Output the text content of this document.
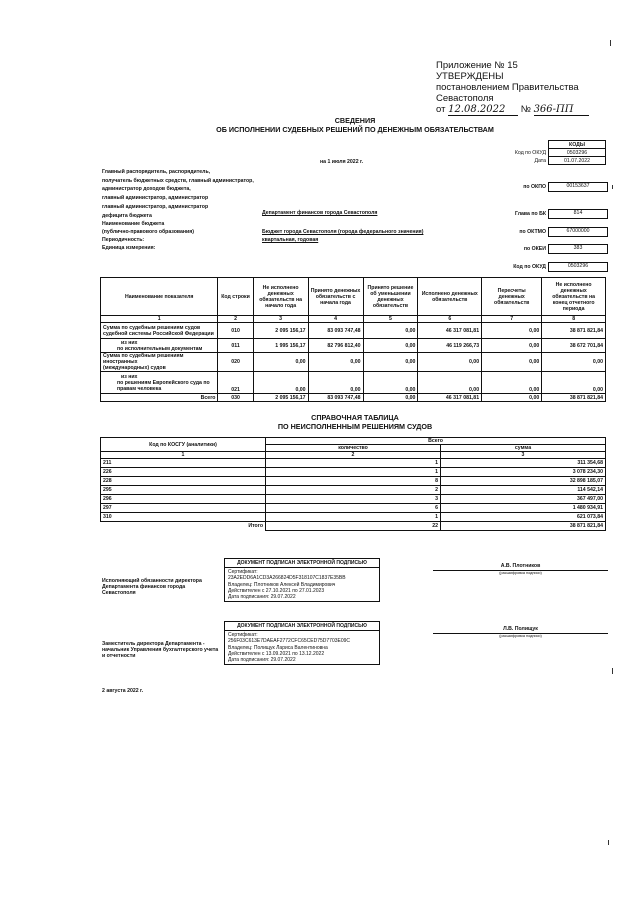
Приложение № 15
УТВЕРЖДЕНЫ
постановлением Правительства
Севастополя
от 12.08.2022 № 366-ПП
СВЕДЕНИЯ
ОБ ИСПОЛНЕНИИ СУДЕБНЫХ РЕШЕНИЙ ПО ДЕНЕЖНЫМ ОБЯЗАТЕЛЬСТВАМ
КОДЫ
0503296
01.07.2022
Код по ОКУД
Дата
на 1 июля 2022 г.
Главный распорядитель, распорядитель,
получатель бюджетных средств, главный администратор,
администратор доходов бюджета,
главный администратор, администратор
главный администратор, администратор
дефицита бюджета
по ОКПО	00153637
Департамент финансов города Севастополя	Глава по БК	814
Наименование бюджета
(публично-правового образования)	Бюджет города Севастополя (города федерального значения)	по ОКТМО	67000000
Периодичность:	квартальная, годовая
Единица измерения:	по ОКЕИ	383
Код по ОКУД	0503296
Наименование показателя	Код строки	Не исполнено денежных обязательств на начало года	Принято денежных обязательств с начала года	Принято решение об уменьшении денежных обязательств	Исполнено денежных обязательств	Пересчеты денежных обязательств	Не исполнено денежных обязательств на конец отчетного периода
1	2	3	4	5	6	7	8

Сумма по судебным решениям судов
судебной системы Российской Федерации	010	2 095 156,17	83 093 747,48	0,00	46 317 081,81	0,00	38 871 821,84

из них
по исполнительным документам	011	1 995 156,17	82 796 812,40	0,00	46 119 266,73	0,00	38 672 701,84

Сумма по судебным решениям иностранных
(международных) судов	020	0,00	0,00	0,00	0,00	0,00	0,00

из них
по решениям Европейского суда по
правам человека	021	0,00	0,00	0,00	0,00	0,00	0,00
Всего	030	2 095 156,17	83 093 747,48	0,00	46 317 081,81	0,00	38 871 821,84
СПРАВОЧНАЯ ТАБЛИЦА
ПО НЕИСПОЛНЕННЫМ РЕШЕНИЯМ СУДОВ
Код по КОСГУ (аналитики)	Всего	
	количество	сумма
1	2	3
211	1	311 354,68
226	1	3 078 234,30
228	8	32 898 185,07
295	2	114 542,14
296	3	367 497,00
297	6	1 480 934,91
310	1	621 073,84
Итого	22	38 871 821,84
Исполняющий обязанности директора
Департамента финансов города
Севастополя
ДОКУМЕНТ ПОДПИСАН ЭЛЕКТРОННОЙ ПОДПИСЬЮ
Сертификат:
23A2EDD6A1CD3A266824D5F318107C1837E35BB
Владелец: Плотников Алексей Владимирович
Действителен с 27.10.2021 по 27.01.2023
Дата подписания: 29.07.2022
А.В. Плотников
(расшифровка подписи)
Заместитель директора Департамента -
начальник Управления бухгалтерского учета
и отчетности
ДОКУМЕНТ ПОДПИСАН ЭЛЕКТРОННОЙ ПОДПИСЬЮ
Сертификат:
256F03C613E7DAEAF2772CFC65CED75D7703E09C
Владелец: Полищук Лариса Валентиновна
Действителен с 13.09.2021 по 13.12.2022
Дата подписания: 29.07.2022
Л.В. Полищук
(расшифровка подписи)
2 августа 2022 г.
